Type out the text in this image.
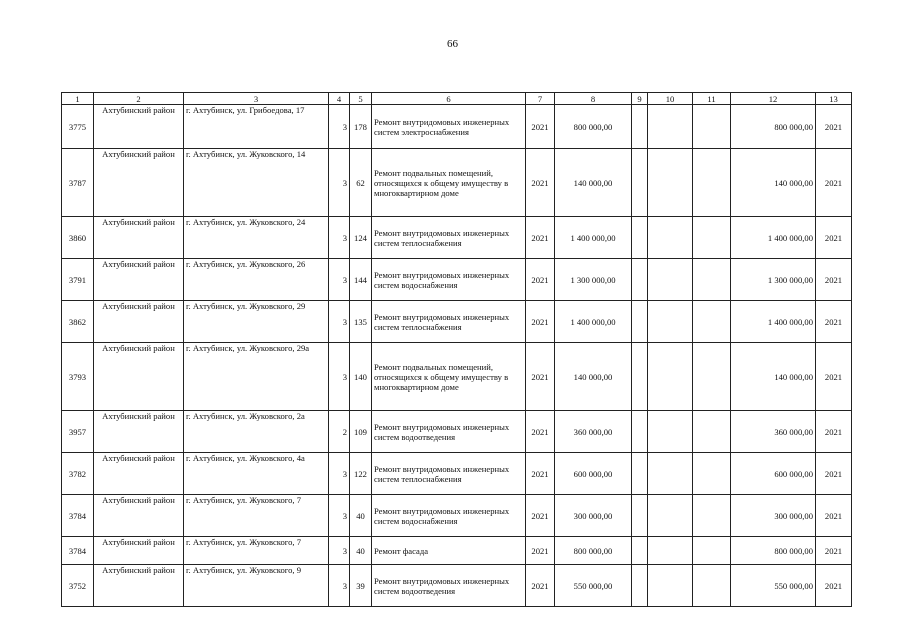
66
1	2	3	4	5	6	7	8	9	10	11	12	13
3775	Ахтубинский район	г. Ахтубинск, ул. Грибоедова, 17	3	178	Ремонт внутридомовых инженерных систем электроснабжения	2021	800 000,00				800 000,00	2021
3787	Ахтубинский район	г. Ахтубинск, ул. Жуковского, 14	3	62	Ремонт подвальных помещений, относящихся к общему имуществу в многоквартирном доме	2021	140 000,00				140 000,00	2021
3860	Ахтубинский район	г. Ахтубинск, ул. Жуковского, 24	3	124	Ремонт внутридомовых инженерных систем теплоснабжения	2021	1 400 000,00				1 400 000,00	2021
3791	Ахтубинский район	г. Ахтубинск, ул. Жуковского, 26	3	144	Ремонт внутридомовых инженерных систем водоснабжения	2021	1 300 000,00				1 300 000,00	2021
3862	Ахтубинский район	г. Ахтубинск, ул. Жуковского, 29	3	135	Ремонт внутридомовых инженерных систем теплоснабжения	2021	1 400 000,00				1 400 000,00	2021
3793	Ахтубинский район	г. Ахтубинск, ул. Жуковского, 29а	3	140	Ремонт подвальных помещений, относящихся к общему имуществу в многоквартирном доме	2021	140 000,00				140 000,00	2021
3957	Ахтубинский район	г. Ахтубинск, ул. Жуковского, 2а	2	109	Ремонт внутридомовых инженерных систем водоотведения	2021	360 000,00				360 000,00	2021
3782	Ахтубинский район	г. Ахтубинск, ул. Жуковского, 4а	3	122	Ремонт внутридомовых инженерных систем теплоснабжения	2021	600 000,00				600 000,00	2021
3784	Ахтубинский район	г. Ахтубинск, ул. Жуковского, 7	3	40	Ремонт внутридомовых инженерных систем водоснабжения	2021	300 000,00				300 000,00	2021
3784	Ахтубинский район	г. Ахтубинск, ул. Жуковского, 7	3	40	Ремонт фасада	2021	800 000,00				800 000,00	2021
3752	Ахтубинский район	г. Ахтубинск, ул. Жуковского, 9	3	39	Ремонт внутридомовых инженерных систем водоотведения	2021	550 000,00				550 000,00	2021
